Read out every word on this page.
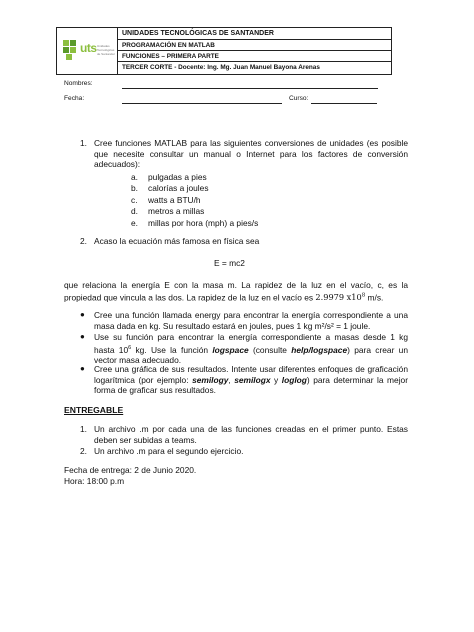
uts Unidades Tecnológicas de Santander
UNIDADES TECNOLÓGICAS DE SANTANDER
PROGRAMACIÓN EN MATLAB
FUNCIONES – PRIMERA PARTE
TERCER CORTE - Docente: Ing. Mg. Juan Manuel Bayona Arenas
Nombres:
Fecha:	Curso:
1. Cree funciones MATLAB para las siguientes conversiones de unidades (es posible que necesite consultar un manual o Internet para los factores de conversión adecuados):
a. pulgadas a pies
b. calorías a joules
c. watts a BTU/h
d. metros a millas
e. millas por hora (mph) a pies/s
2. Acaso la ecuación más famosa en física sea
E = mc2
que relaciona la energía E con la masa m. La rapidez de la luz en el vacío, c, es la propiedad que vincula a las dos. La rapidez de la luz en el vacío es 2.9979 $x10^8$ m/s.
● Cree una función llamada energy para encontrar la energía correspondiente a una masa dada en kg. Su resultado estará en joules, pues 1 kg m²/s² = 1 joule.
● Use su función para encontrar la energía correspondiente a masas desde 1 kg hasta $10^6$ kg. Use la función logspace (consulte help/logspace) para crear un vector masa adecuado.
● Cree una gráfica de sus resultados. Intente usar diferentes enfoques de graficación logarítmica (por ejemplo: semilogy, semilogx y loglog) para determinar la mejor forma de graficar sus resultados.
ENTREGABLE
1. Un archivo .m por cada una de las funciones creadas en el primer punto. Estas deben ser subidas a teams.
2. Un archivo .m para el segundo ejercicio.
Fecha de entrega: 2 de Junio 2020.
Hora: 18:00 p.m
